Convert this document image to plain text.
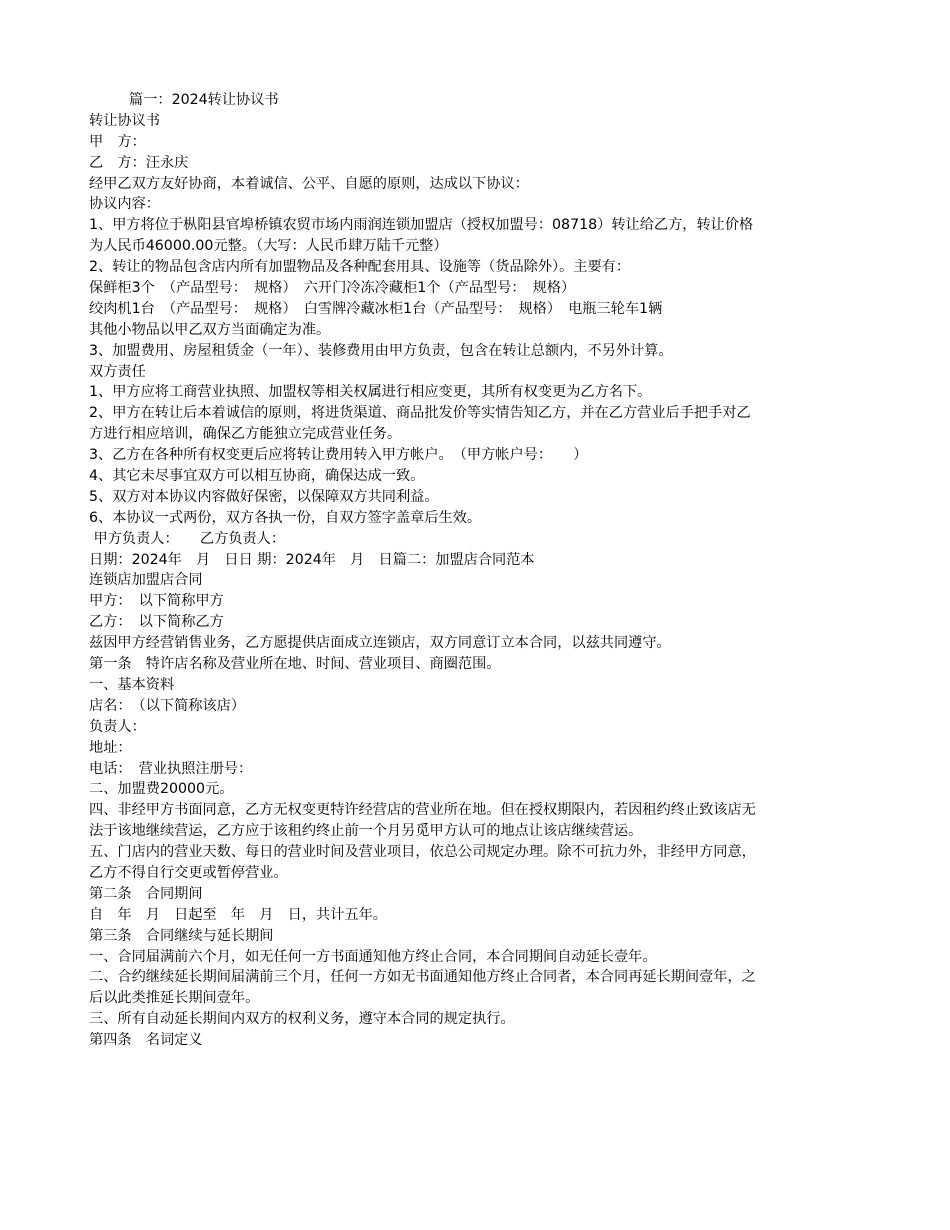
篇一：2024转让协议书
转让协议书
甲　方：
乙　方：汪永庆
经甲乙双方友好协商，本着诚信、公平、自愿的原则，达成以下协议：
协议内容：
1、甲方将位于枞阳县官埠桥镇农贸市场内雨润连锁加盟店（授权加盟号：08718）转让给乙方，转让价格
为人民币46000.00元整。（大写：人民币肆万陆千元整）
2、转让的物品包含店内所有加盟物品及各种配套用具、设施等（货品除外）。主要有：
保鲜柜3个　（产品型号：　规格）　六开门冷冻冷藏柜1个（产品型号：　规格）
绞肉机1台　（产品型号：　规格）　白雪牌冷藏冰柜1台（产品型号：　规格）　电瓶三轮车1辆
其他小物品以甲乙双方当面确定为准。
3、加盟费用、房屋租赁金（一年）、装修费用由甲方负责，包含在转让总额内，不另外计算。
双方责任
1、甲方应将工商营业执照、加盟权等相关权属进行相应变更，其所有权变更为乙方名下。
2、甲方在转让后本着诚信的原则，将进货渠道、商品批发价等实情告知乙方，并在乙方营业后手把手对乙
方进行相应培训，确保乙方能独立完成营业任务。
3、乙方在各种所有权变更后应将转让费用转入甲方帐户。　（甲方帐户号：　　）
4、其它未尽事宜双方可以相互协商，确保达成一致。
5、双方对本协议内容做好保密，以保障双方共同利益。
6、本协议一式两份，双方各执一份，自双方签字盖章后生效。
甲方负责人：　　乙方负责人：
日期：2024年　月　日日 期：2024年　月　日篇二：加盟店合同范本
连锁店加盟店合同
甲方：　以下简称甲方
乙方：　以下简称乙方
兹因甲方经营销售业务，乙方愿提供店面成立连锁店，双方同意订立本合同，以兹共同遵守。
第一条　特许店名称及营业所在地、时间、营业项目、商圈范围。
一、基本资料
店名：　（以下简称该店）
负责人：
地址：
电话：　营业执照注册号：
二、加盟费20000元。
四、非经甲方书面同意，乙方无权变更特许经营店的营业所在地。但在授权期限内，若因租约终止致该店无
法于该地继续营运，乙方应于该租约终止前一个月另觅甲方认可的地点让该店继续营运。
五、门店内的营业天数、每日的营业时间及营业项目，依总公司规定办理。除不可抗力外，非经甲方同意，
乙方不得自行交更或暂停营业。
第二条　合同期间
自　年　月　日起至　年　月　日，共计五年。
第三条　合同继续与延长期间
一、合同届满前六个月，如无任何一方书面通知他方终止合同，本合同期间自动延长壹年。
二、合约继续延长期间届满前三个月，任何一方如无书面通知他方终止合同者，本合同再延长期间壹年，之
后以此类推延长期间壹年。
三、所有自动延长期间内双方的权利义务，遵守本合同的规定执行。
第四条　名词定义
